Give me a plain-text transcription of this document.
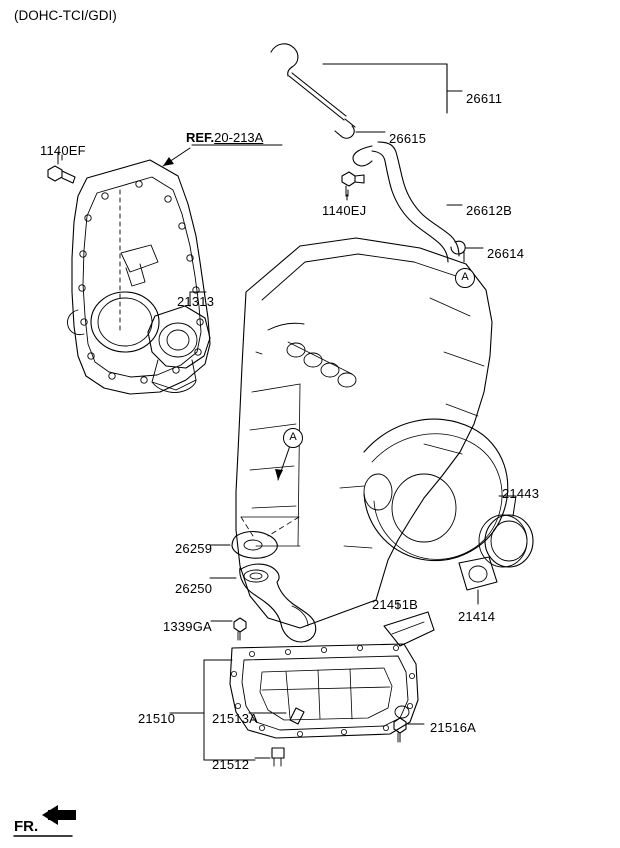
(DOHC-TCI/GDI)
REF.20-213A
A
A
26611
26615
1140EF
1140EJ	26612B
26614
21313
21443
26259
21414
26250
21451B
1339GA
21510	21513A
21516A
21512
FR.
